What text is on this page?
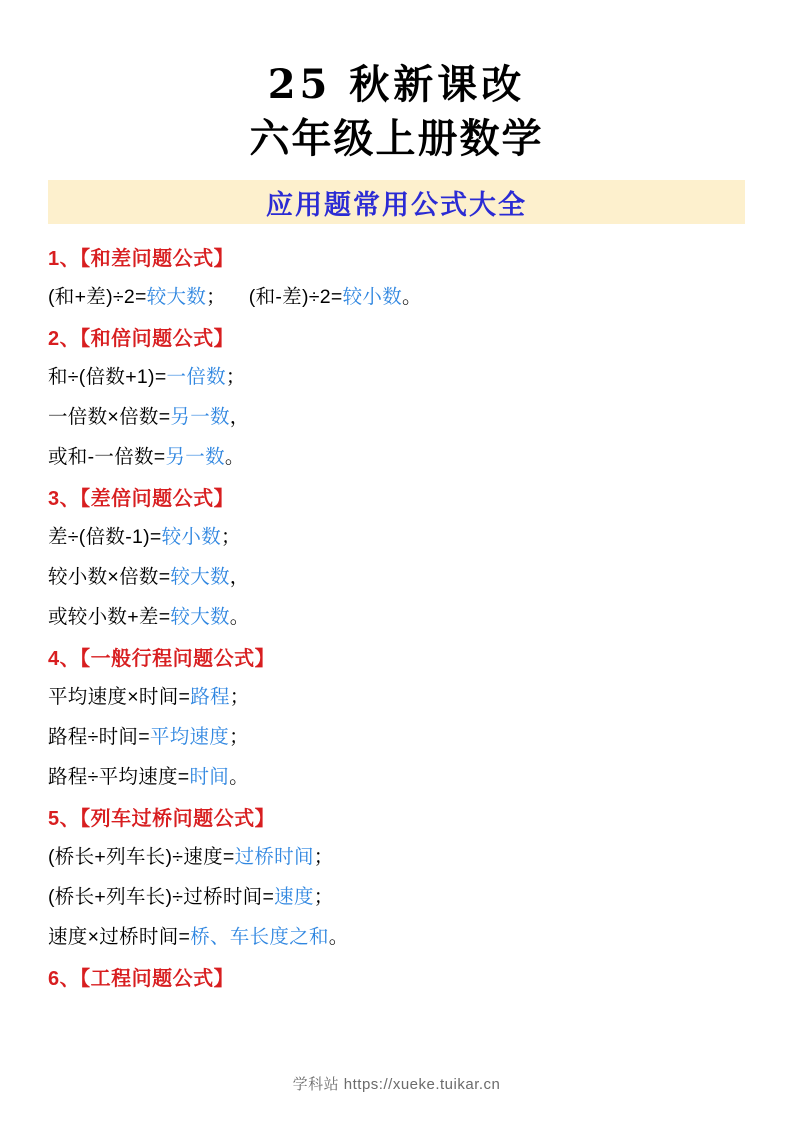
25 秋新课改
六年级上册数学
应用题常用公式大全
1、【和差问题公式】
(和+差)÷2=较大数；    (和-差)÷2=较小数。
2、【和倍问题公式】
和÷(倍数+1)=一倍数；
一倍数×倍数=另一数，
或和-一倍数=另一数。
3、【差倍问题公式】
差÷(倍数-1)=较小数；
较小数×倍数=较大数，
或较小数+差=较大数。
4、【一般行程问题公式】
平均速度×时间=路程；
路程÷时间=平均速度；
路程÷平均速度=时间。
5、【列车过桥问题公式】
(桥长+列车长)÷速度=过桥时间；
(桥长+列车长)÷过桥时间=速度；
速度×过桥时间=桥、车长度之和。
6、【工程问题公式】
学科站 https://xueke.tuikar.cn
